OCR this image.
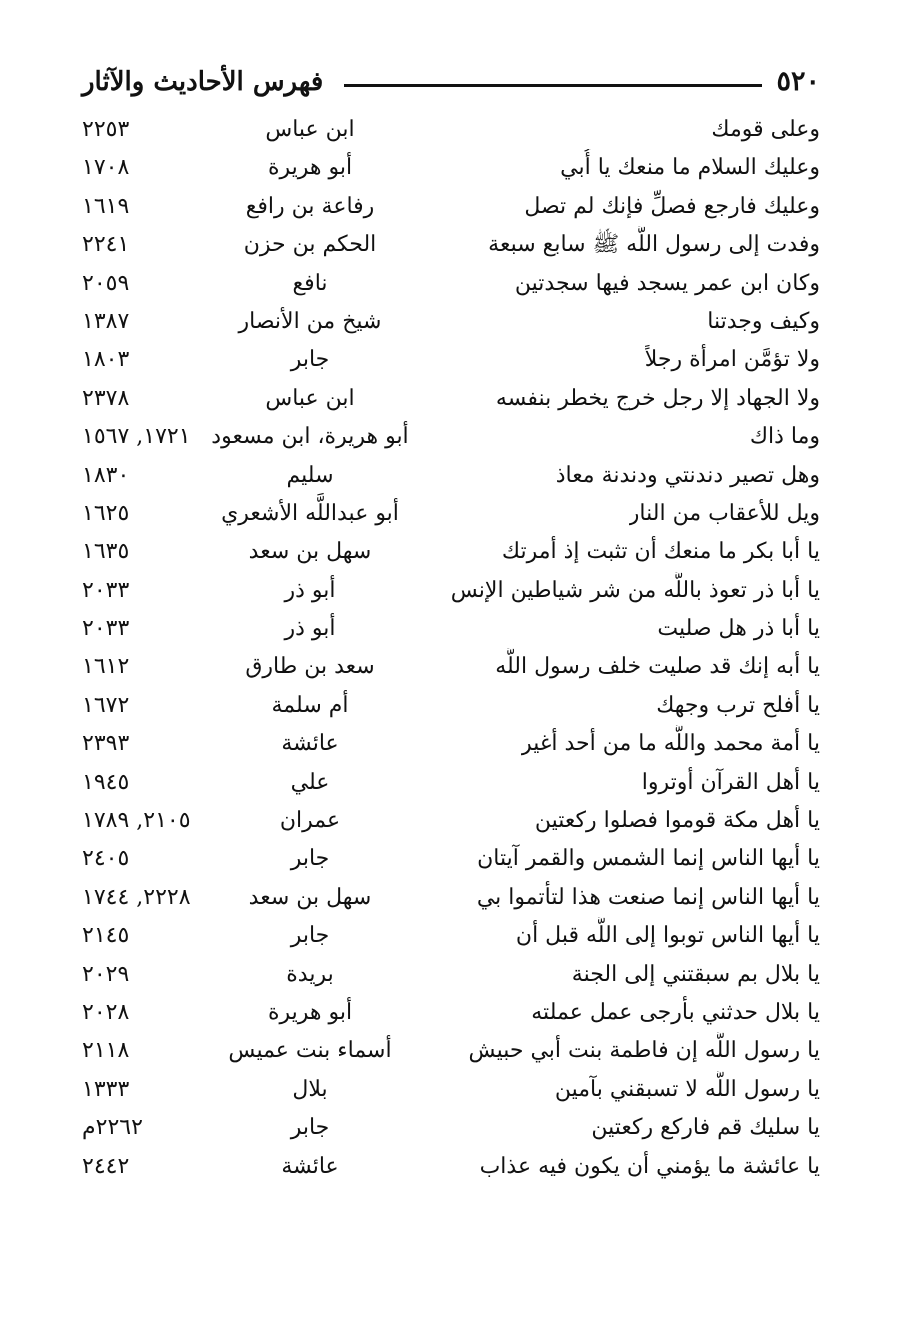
٥٢٠
فهرس الأحاديث والآثار
وعلى قومك
ابن عباس
٢٢٥٣
وعليك السلام ما منعك يا أُبي
أبو هريرة
١٧٠٨
وعليك فارجع فصلِّ فإنك لم تصل
رفاعة بن رافع
١٦١٩
وفدت إلى رسول اللَّه ﷺ سابع سبعة
الحكم بن حزن
٢٢٤١
وكان ابن عمر يسجد فيها سجدتين
نافع
٢٠٥٩
وكيف وجدتنا
شيخ من الأنصار
١٣٨٧
ولا تؤمَّن امرأة رجلاً
جابر
١٨٠٣
ولا الجهاد إلا رجل خرج يخطر بنفسه
ابن عباس
٢٣٧٨
وما ذاك
أبو هريرة، ابن مسعود
١٧٢١, ١٥٦٧
وهل تصير دندنتي ودندنة معاذ
سليم
١٨٣٠
ويل للأعقاب من النار
أبو عبداللَّه الأشعري
١٦٢٥
يا أبا بكر ما منعك أن تثبت إذ أمرتك
سهل بن سعد
١٦٣٥
يا أبا ذر تعوذ باللَّه من شر شياطين الإنس
أبو ذر
٢٠٣٣
يا أبا ذر هل صليت
أبو ذر
٢٠٣٣
يا أبه إنك قد صليت خلف رسول اللَّه
سعد بن طارق
١٦١٢
يا أفلح ترب وجهك
أم سلمة
١٦٧٢
يا أمة محمد واللَّه ما من أحد أغير
عائشة
٢٣٩٣
يا أهل القرآن أوتروا
علي
١٩٤٥
يا أهل مكة قوموا فصلوا ركعتين
عمران
٢١٠٥, ١٧٨٩
يا أيها الناس إنما الشمس والقمر آيتان
جابر
٢٤٠٥
يا أيها الناس إنما صنعت هذا لتأتموا بي
سهل بن سعد
٢٢٢٨, ١٧٤٤
يا أيها الناس توبوا إلى اللَّه قبل أن
جابر
٢١٤٥
يا بلال بم سبقتني إلى الجنة
بريدة
٢٠٢٩
يا بلال حدثني بأرجى عمل عملته
أبو هريرة
٢٠٢٨
يا رسول اللَّه إن فاطمة بنت أبي حبيش
أسماء بنت عميس
٢١١٨
يا رسول اللَّه لا تسبقني بآمين
بلال
١٣٣٣
يا سليك قم فاركع ركعتين
جابر
٢٢٦٢م
يا عائشة ما يؤمني أن يكون فيه عذاب
عائشة
٢٤٤٢
